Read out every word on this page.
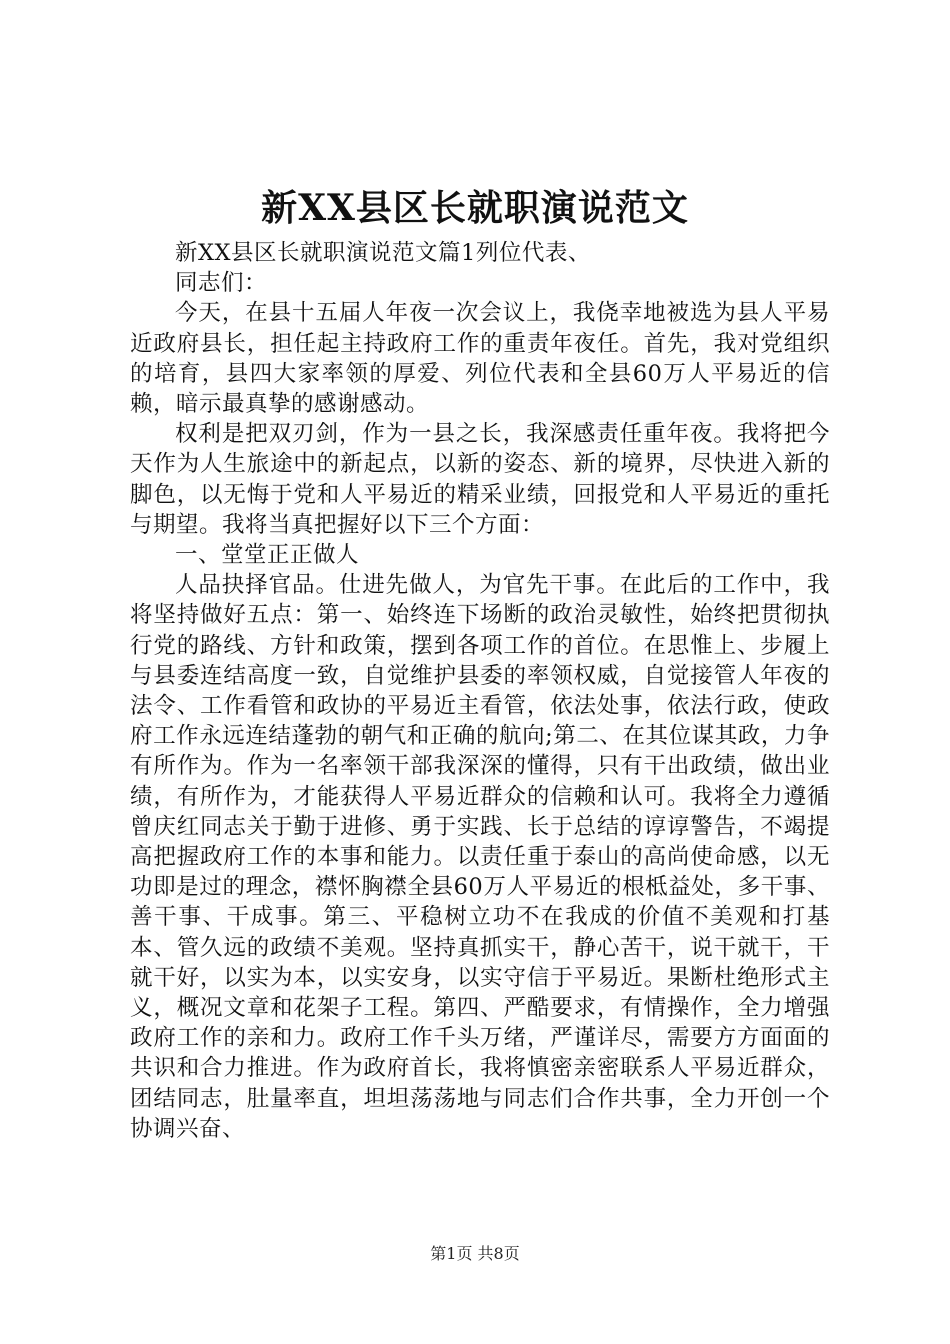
新XX县区长就职演说范文

新XX县区长就职演说范文篇1列位代表、

同志们：

今天，在县十五届人年夜一次会议上，我侥幸地被选为县人平易近政府县长，担任起主持政府工作的重责年夜任。首先，我对党组织的培育，县四大家率领的厚爱、列位代表和全县60万人平易近的信赖，暗示最真挚的感谢感动。

权利是把双刃剑，作为一县之长，我深感责任重年夜。我将把今天作为人生旅途中的新起点，以新的姿态、新的境界，尽快进入新的脚色，以无悔于党和人平易近的精采业绩，回报党和人平易近的重托与期望。我将当真把握好以下三个方面：

一、堂堂正正做人

人品抉择官品。仕进先做人，为官先干事。在此后的工作中，我将坚持做好五点：第一、始终连下场断的政治灵敏性，始终把贯彻执行党的路线、方针和政策，摆到各项工作的首位。在思惟上、步履上与县委连结高度一致，自觉维护县委的率领权威，自觉接管人年夜的法令、工作看管和政协的平易近主看管，依法处事，依法行政，使政府工作永远连结蓬勃的朝气和正确的航向;第二、在其位谋其政，力争有所作为。作为一名率领干部我深深的懂得，只有干出政绩，做出业绩，有所作为，才能获得人平易近群众的信赖和认可。我将全力遵循曾庆红同志关于勤于进修、勇于实践、长于总结的谆谆警告，不竭提高把握政府工作的本事和能力。以责任重于泰山的高尚使命感，以无功即是过的理念，襟怀胸襟全县60万人平易近的根柢益处，多干事、善干事、干成事。第三、平稳树立功不在我成的价值不美观和打基本、管久远的政绩不美观。坚持真抓实干，静心苦干，说干就干，干就干好，以实为本，以实安身，以实守信于平易近。果断杜绝形式主义，概况文章和花架子工程。第四、严酷要求，有情操作，全力增强政府工作的亲和力。政府工作千头万绪，严谨详尽，需要方方面面的共识和合力推进。作为政府首长，我将慎密亲密联系人平易近群众，团结同志，肚量率直，坦坦荡荡地与同志们合作共事，全力开创一个协调兴奋、

第1页 共8页
